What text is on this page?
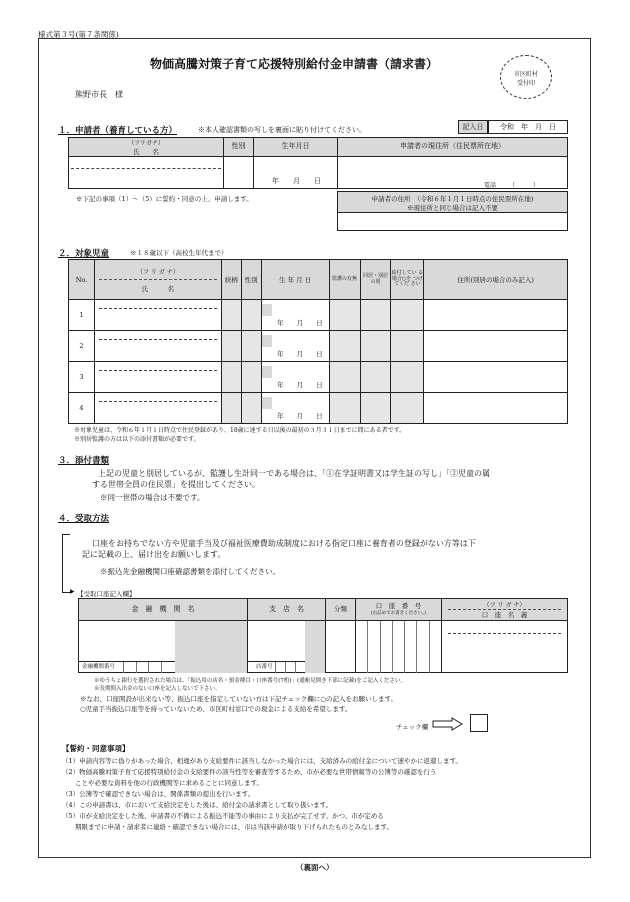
様式第３号(第７条関係)
物価高騰対策子育て応援特別給付金申請書（請求書）
市区町村
受付印
熊野市長　様
１．申請者（養育している方）	※本人確認書類の写しを裏面に貼り付けてください。	記入日	令和　年　月　日
（フリガナ）
氏　　名
性別	生年月日	申請者の現住所（住民票所在地）
年　　月　　日
電話 （　　　）
※下記の事項（1）～（5）に誓約・同意の上、申請します。	申請者の住所　（令和６年１月１日時点の住民票所在地)
※現住所と同じ場合は記入不要
２．対象児童	※１８歳以下（高校生年代まで）
No.	（フ リ ガ ナ）
氏　　　名	続柄	性別	生 年 月 日	監護の有無	同居・別居の別	給付してい る場合○を つけてくだ さい	住所(別居の場合のみ記入)
1				年　　月　　日				

2				年　　月　　日				

3				年　　月　　日				

4				年　　月　　日				

※対象児童は、令和６年１月１日時点で住民登録があり、18歳に達する日以後の最初の３月３１日までに間にある者です。
※別居監護の方は以下の添付書類が必要です。
３．添付書類
上記の児童と別居しているが、監護し生計同一である場合は、「①在学証明書又は学生証の写し」「②児童の属
する世帯全員の住民票」を提出してください。
※同一世帯の場合は不要です。
４．受取方法
▶
口座をお持ちでない方や児童手当及び福祉医療費助成制度における指定口座に養育者の登録がない方等は下
記に記載の上、届け出をお願いします。
※振込先金融機関口座確認書類を添付してください。
【受取口座記入欄】
金　融　機　関　名	支　店　名	分類	口　座　番　号
(右詰めでお書きください。)
（フ リ ガ ナ）
口　座　名　義
金融機関番号	店番号
※ゆうちょ銀行を選択された場合は、「振込用の店名・預金種目・口座番号(7桁)」(通帳見開き下部に記載)をご記入ください。
※長期間入出金のない口座を記入しないで下さい。
※なお、口座開設が出来ない等、振込口座を指定していない方は下記チェック欄に○の記入をお願いします。
○児童手当振込口座等を持っていないため、市区町村窓口での現金による支給を希望します。
チェック欄
【誓約・同意事項】
（1）申請内容等に偽りがあった場合、相違があり支給要件に該当しなかった場合には、支給済みの給付金について速やかに返還します。
（2）物価高騰対策子育て応援特別給付金の支給要件の該当性等を審査等するため、市が必要な世帯情報等の公簿等の確認を行う
　　ことや必要な資料を他の行政機関等に求めることに同意します。
（3）公簿等で確認できない場合は、関係書類の提出を行います。
（4）この申請書は、市において支給決定をした後は、給付金の請求書として取り扱います。
（5）市が支給決定をした後、申請書の不備による振込不能等の事由により支払が完了せず、かつ、市が定める
　　期限までに申請・請求者に連絡・確認できない場合には、市は当該申請が取り下げられたものとみなします。
（裏面へ）
